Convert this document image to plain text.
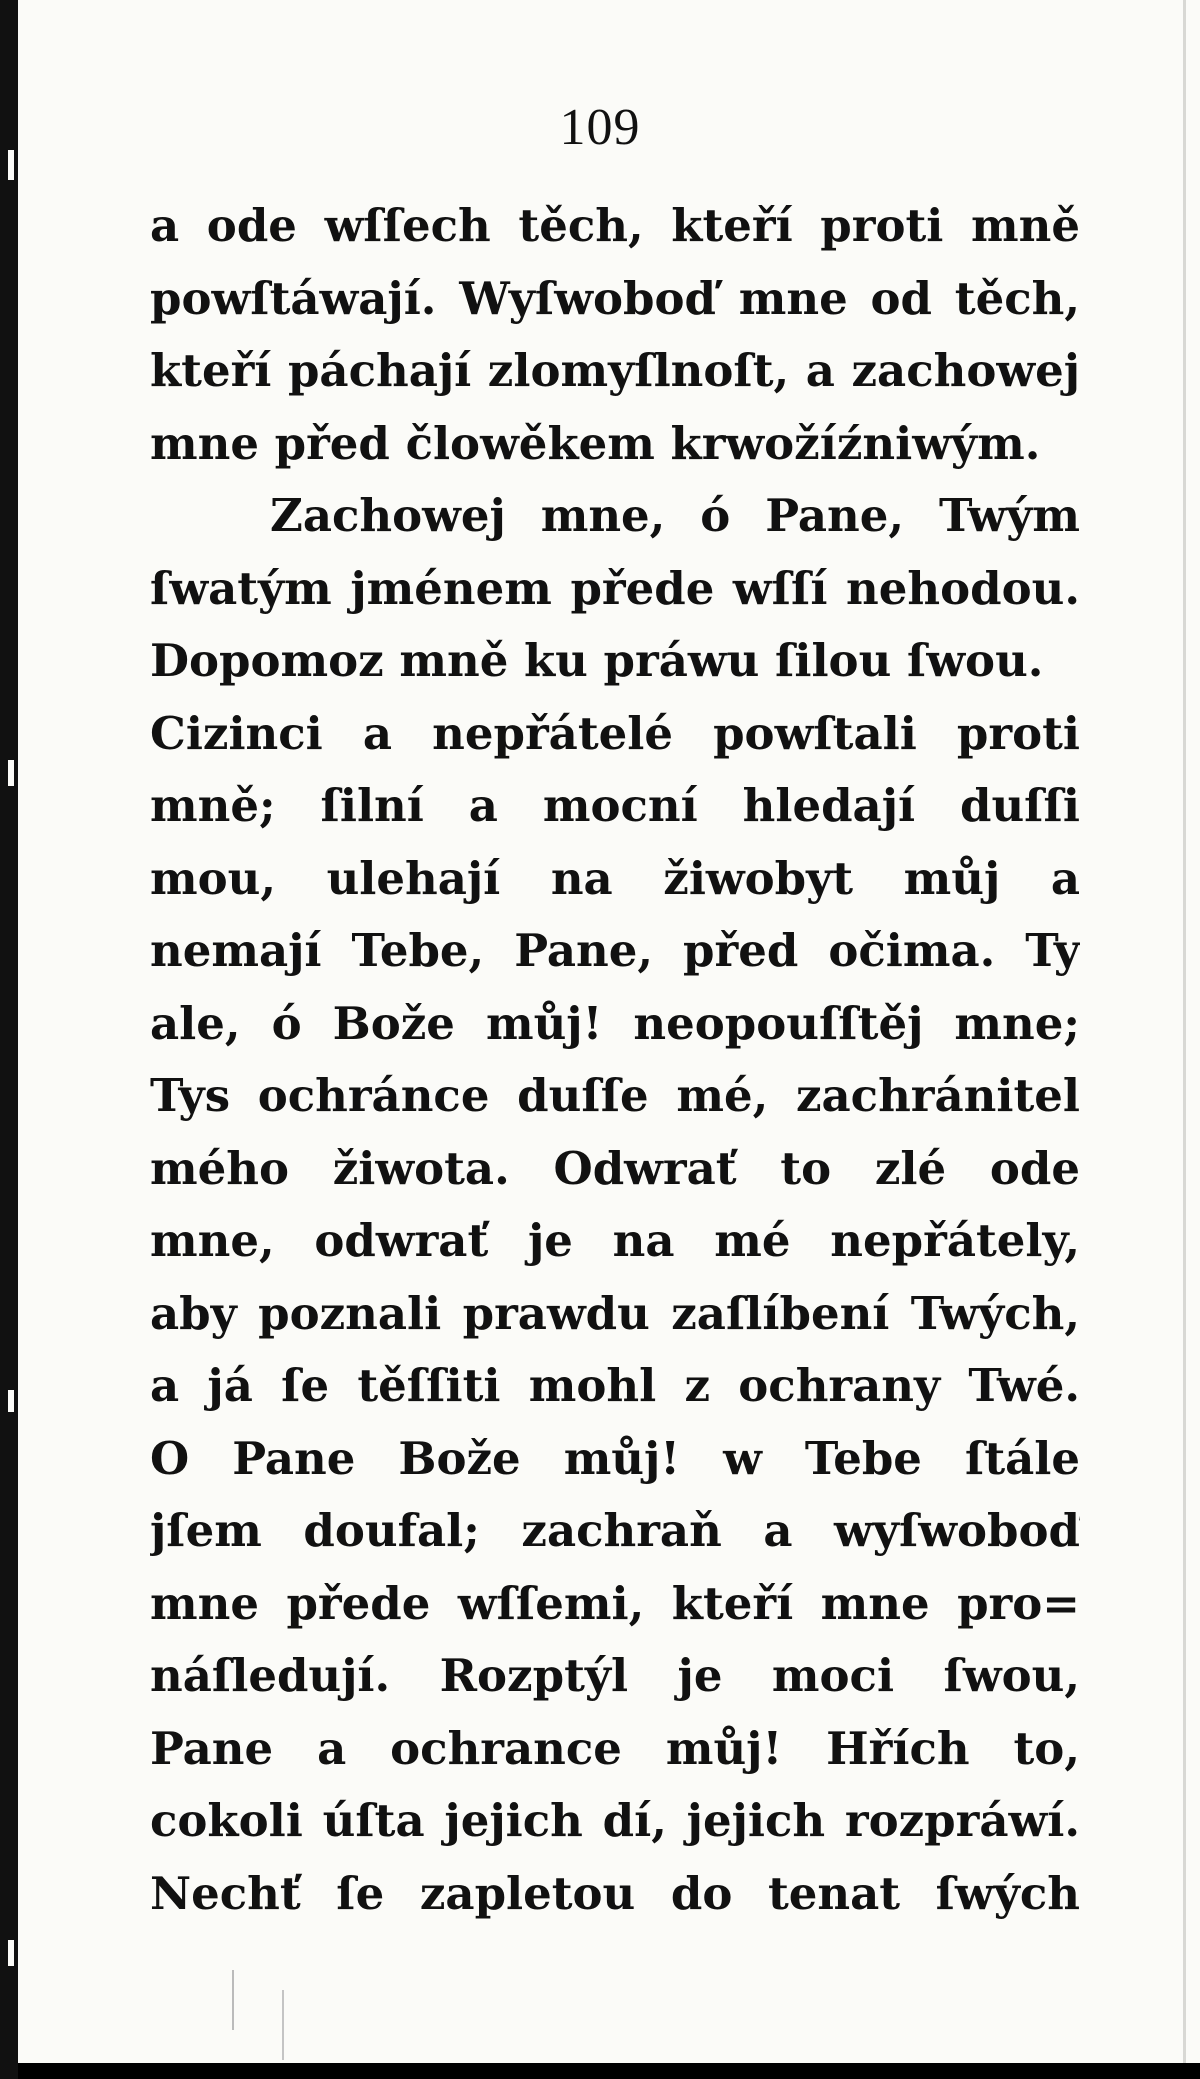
109
a ode wſſech těch, kteří proti mně
powſtáwají. Wyſwoboď mne od těch,
kteří páchají zlomyſlnoſt, a zachowej
mne před člowěkem krwožíźniwým.
Zachowej mne, ó Pane, Twým
ſwatým jménem přede wſſí nehodou.
Dopomoz mně ku práwu ſilou ſwou.
Cizinci a nepřátelé powſtali proti
mně; ſilní a mocní hledají duſſi
mou, ulehají na žiwobyt můj a
nemají Tebe, Pane, před očima. Ty
ale, ó Bože můj! neopouſſtěj mne;
Tys ochránce duſſe mé, zachránitel
mého žiwota. Odwrať to zlé ode
mne, odwrať je na mé nepřátely,
aby poznali prawdu zaſlíbení Twých,
a já ſe těſſiti mohl z ochrany Twé.
O Pane Bože můj! w Tebe ſtále
jſem doufal; zachraň a wyſwoboď
mne přede wſſemi, kteří mne pro=
náſledují. Rozptýl je moci ſwou,
Pane a ochrance můj! Hřích to,
cokoli úſta jejich dí, jejich rozpráwí.
Nechť ſe zapletou do tenat ſwých
